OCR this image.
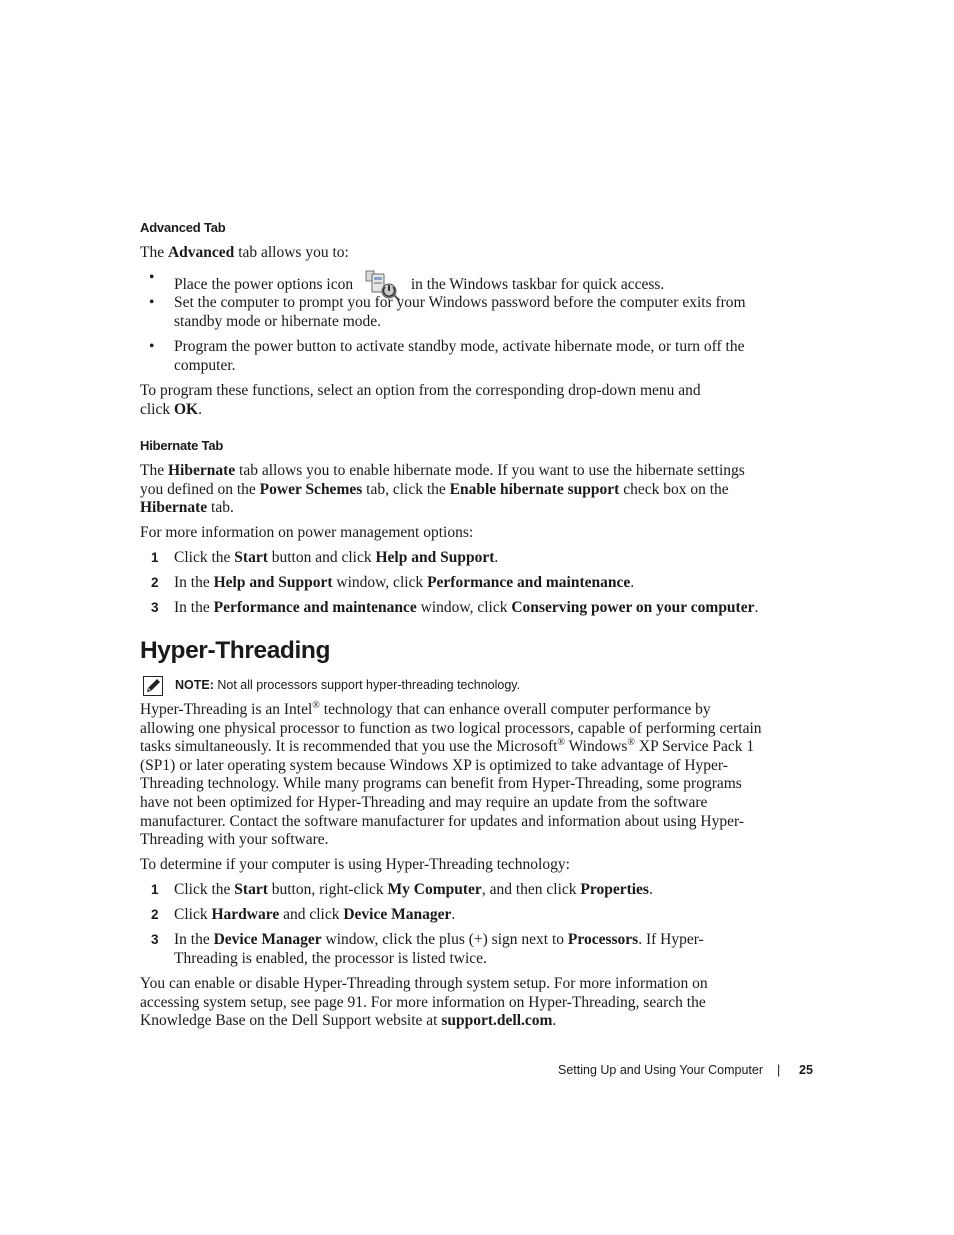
Advanced Tab
The Advanced tab allows you to:
• Place the power options icon	in the Windows taskbar for quick access.
• Set the computer to prompt you for your Windows password before the computer exits from standby mode or hibernate mode.
• Program the power button to activate standby mode, activate hibernate mode, or turn off the computer.
To program these functions, select an option from the corresponding drop-down menu and click OK.
Hibernate Tab
The Hibernate tab allows you to enable hibernate mode. If you want to use the hibernate settings you defined on the Power Schemes tab, click the Enable hibernate support check box on the Hibernate tab.
For more information on power management options:
1 Click the Start button and click Help and Support.
2 In the Help and Support window, click Performance and maintenance.
3 In the Performance and maintenance window, click Conserving power on your computer.
Hyper-Threading
NOTE: Not all processors support hyper-threading technology.
Hyper-Threading is an Intel® technology that can enhance overall computer performance by allowing one physical processor to function as two logical processors, capable of performing certain tasks simultaneously. It is recommended that you use the Microsoft® Windows® XP Service Pack 1 (SP1) or later operating system because Windows XP is optimized to take advantage of Hyper-Threading technology. While many programs can benefit from Hyper-Threading, some programs have not been optimized for Hyper-Threading and may require an update from the software manufacturer. Contact the software manufacturer for updates and information about using Hyper-Threading with your software.
To determine if your computer is using Hyper-Threading technology:
1 Click the Start button, right-click My Computer, and then click Properties.
2 Click Hardware and click Device Manager.
3 In the Device Manager window, click the plus (+) sign next to Processors. If Hyper-Threading is enabled, the processor is listed twice.
You can enable or disable Hyper-Threading through system setup. For more information on accessing system setup, see page 91. For more information on Hyper-Threading, search the Knowledge Base on the Dell Support website at support.dell.com.
Setting Up and Using Your Computer | 25
